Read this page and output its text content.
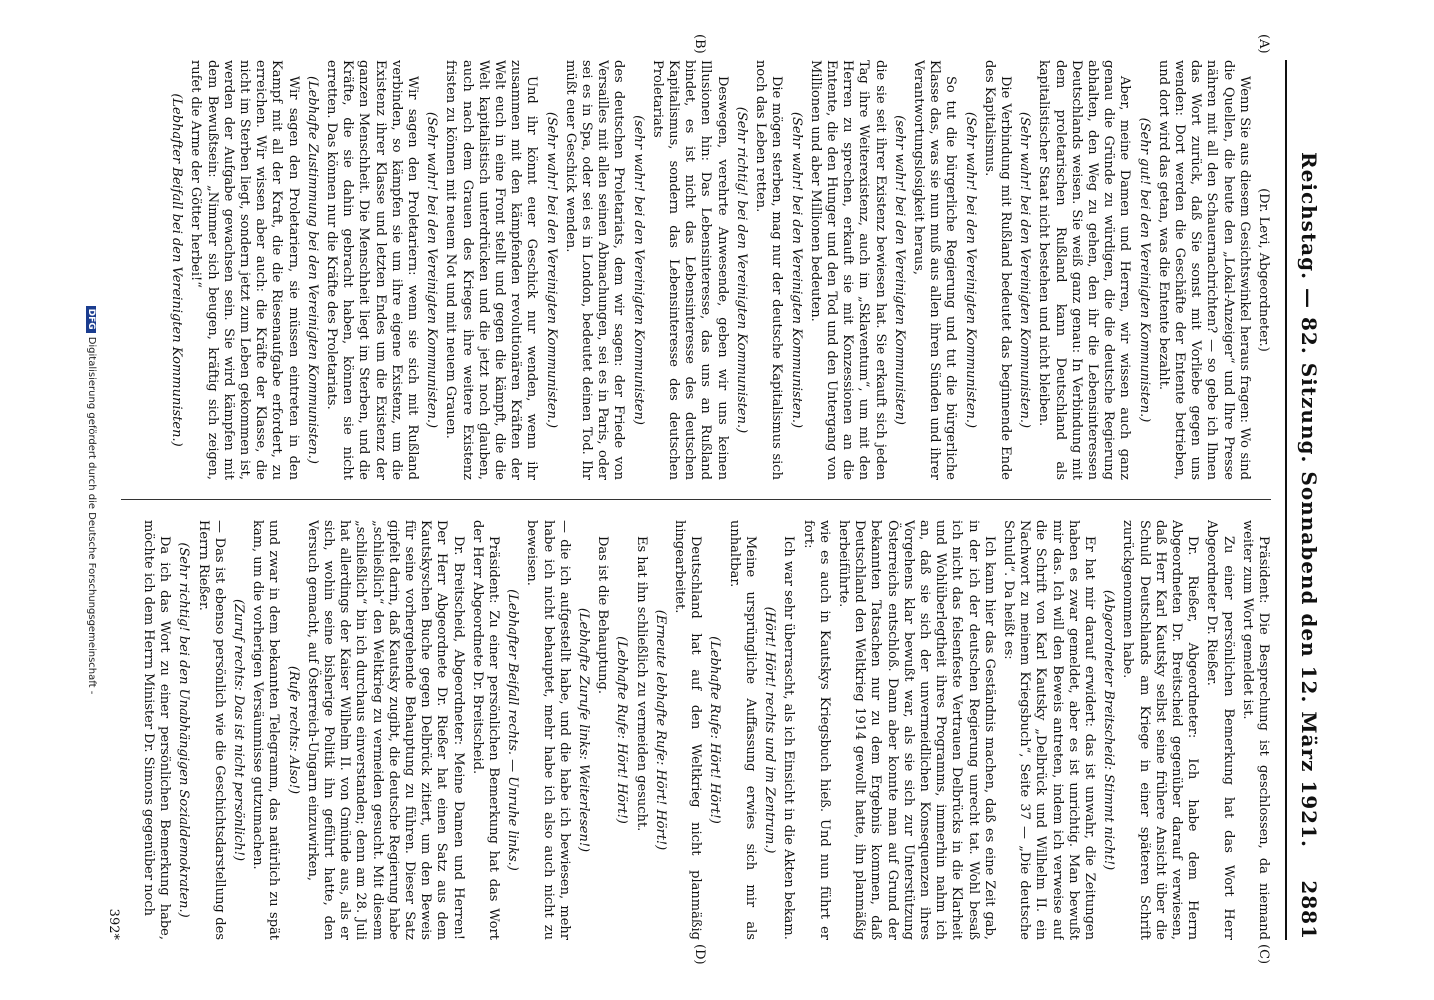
Reichstag. — 82. Sitzung. Sonnabend den 12. März 1921.
2881

(Dr. Levi, Abgeordneter.)

Wenn Sie aus diesem Gesichtswinkel heraus fragen: Wo sind die Quellen, die heute den „Lokal-Anzeiger“ und Ihre Presse nähren mit all den Schauernachrichten? — so gebe ich Ihnen das Wort zurück, daß Sie sonst mit Vorliebe gegen uns wenden: Dort werden die Geschäfte der Entente betrieben, und dort wird das getan, was die Entente bezahlt.

(Sehr gut! bei den Vereinigten Kommunisten.)

Aber, meine Damen und Herren, wir wissen auch ganz genau die Gründe zu würdigen, die die deutsche Regierung abhalten, den Weg zu gehen, den ihr die Lebensinteressen Deutschlands weisen. Sie weiß ganz genau: In Verbindung mit dem proletarischen Rußland kann Deutschland als kapitalistischer Staat nicht bestehen und nicht bleiben.

(Sehr wahr! bei den Vereinigten Kommunisten.)

Die Verbindung mit Rußland bedeutet das beginnende Ende des Kapitalismus.

(Sehr wahr! bei den Vereinigten Kommunisten.)

So tut die bürgerliche Regierung und tut die bürgerliche Klasse das, was sie nun muß aus allen ihren Sünden und ihrer Verantwortungslosigkeit heraus,

(sehr wahr! bei den Vereinigten Kommunisten)

die sie seit ihrer Existenz bewiesen hat. Sie erkauft sich jeden Tag ihre Weiterexistenz, auch im „Sklaventum“, um mit den Herren zu sprechen, erkauft sie mit Konzessionen an die Entente, die den Hunger und den Tod und den Untergang von Millionen und aber Millionen bedeuten.

(Sehr wahr! bei den Vereinigten Kommunisten.)

Die mögen sterben, mag nur der deutsche Kapitalismus sich noch das Leben retten.

(Sehr richtig! bei den Vereinigten Kommunisten.)

Deswegen, verehrte Anwesende, geben wir uns keinen Illusionen hin: Das Lebensinteresse, das uns an Rußland bindet, es ist nicht das Lebensinteresse des deutschen Kapitalismus, sondern das Lebensinteresse des deutschen Proletariats

(sehr wahr! bei den Vereinigten Kommunisten)

des deutschen Proletariats, dem wir sagen: der Friede von Versailles mit allen seinen Abmachungen, sei es in Paris, oder sei es in Spa, oder sei es in London, bedeutet deinen Tod. Ihr müßt euer Geschick wenden.

(Sehr wahr! bei den Vereinigten Kommunisten.)

Und ihr könnt euer Geschick nur wenden, wenn ihr zusammen mit den kämpfenden revolutionären Kräften der Welt euch in eine Front stellt und gegen die kämpft, die die Welt kapitalistisch unterdrücken und die jetzt noch glauben, auch nach dem Grauen des Krieges ihre weitere Existenz fristen zu können mit neuem Not und mit neuem Grauen.

(Sehr wahr! bei den Vereinigten Kommunisten.)

Wir sagen den Proletariern: wenn sie sich mit Rußland verbinden, so kämpfen sie um ihre eigene Existenz, um die Existenz ihrer Klasse und letzten Endes um die Existenz der ganzen Menschheit. Die Menschheit liegt im Sterben, und die Kräfte, die sie dahin gebracht haben, können sie nicht erretten. Das können nur die Kräfte des Proletariats.

(Lebhafte Zustimmung bei den Vereinigten Kommunisten.)

Wir sagen den Proletariern, sie müssen eintreten in den Kampf mit all der Kraft, die die Riesenaufgabe erfordert, zu erreichen. Wir wissen aber auch: die Kräfte der Klasse, die nicht im Sterben liegt, sondern jetzt zum Leben gekommen ist, werden der Aufgabe gewachsen sein. Sie wird kämpfen mit dem Bewußtsein: „Nimmer sich beugen, kräftig sich zeigen, rufet die Arme der Götter herbei!“

(Lebhafter Beifall bei den Vereinigten Kommunisten.)

Präsident: Die Besprechung ist geschlossen, da niemand weiter zum Wort gemeldet ist.

Zu einer persönlichen Bemerkung hat das Wort Herr Abgeordneter Dr. Rießer.

Dr. Rießer, Abgeordneter: Ich habe dem Herrn Abgeordneten Dr. Breitscheid gegenüber darauf verwiesen, daß Herr Karl Kautsky selbst seine frühere Ansicht über die Schuld Deutschlands am Kriege in einer späteren Schrift zurückgenommen habe.

(Abgeordneter Breitscheid: Stimmt nicht!)

Er hat mir darauf erwidert: das ist unwahr, die Zeitungen haben es zwar gemeldet, aber es ist unrichtig. Man bewußt mir das. Ich will den Beweis antreten, indem ich verweise auf die Schrift von Karl Kautsky „Delbrück und Wilhelm II. ein Nachwort zu meinem Kriegsbuch“, Seite 37 — „Die deutsche Schuld“. Da heißt es:

Ich kann hier das Geständnis machen, daß es eine Zeit gab, in der ich der deutschen Regierung unrecht tat. Wohl besaß ich nicht das felsenfeste Vertrauen Delbrücks in die Klarheit und Wohlüberlegtheit ihres Programms, immerhin nahm ich an, daß sie sich der unvermeidlichen Konsequenzen ihres Vorgehens klar bewußt war, als sie sich zur Unterstützung Österreichs entschloß. Dann aber konnte man auf Grund der bekannten Tatsachen nur zu dem Ergebnis kommen, daß Deutschland den Weltkrieg 1914 gewollt hatte, ihn planmäßig herbeiführte.

wie es auch in Kautskys Kriegsbuch hieß. Und nun führt er fort:

Ich war sehr überrascht, als ich Einsicht in die Akten bekam.

(Hört! Hört! rechts und im Zentrum.)

Meine ursprüngliche Auffassung erwies sich mir als unhaltbar.

(Lebhafte Rufe: Hört! Hört!)

Deutschland hat auf den Weltkrieg nicht planmäßig hingearbeitet.

(Erneute lebhafte Rufe: Hört! Hört!)

Es hat ihn schließlich zu vermeiden gesucht.

(Lebhafte Rufe: Hört! Hört!)

Das ist die Behauptung.

(Lebhafte Zurufe links: Weiterlesen!)

— die ich aufgestellt habe, und die habe ich bewiesen, mehr habe ich nicht behauptet, mehr habe ich also auch nicht zu beweisen.

(Lebhafter Beifall rechts. — Unruhe links.)

Präsident: Zu einer persönlichen Bemerkung hat das Wort der Herr Abgeordnete Dr. Breitscheid.

Dr. Breitscheid, Abgeordneter: Meine Damen und Herren! Der Herr Abgeordnete Dr. Rießer hat einen Satz aus dem Kautskyschen Buche gegen Delbrück zitiert, um den Beweis für seine vorhergehende Behauptung zu führen. Dieser Satz gipfelt darin, daß Kautsky zugibt, die deutsche Regierung habe „schließlich“ den Weltkrieg zu vermeiden gesucht. Mit diesem „schließlich“ bin ich durchaus einverstanden; denn am 28. Juli hat allerdings der Kaiser Wilhelm II. von Gmünde aus, als er sich, wohin seine bisherige Politik ihn geführt hatte, den Versuch gemacht, auf Österreich-Ungarn einzuwirken,

(Rufe rechts: Also!)

und zwar in dem bekannten Telegramm, das natürlich zu spät kam, um die vorherigen Versäumnisse gutzumachen.

(Zuruf rechts: Das ist nicht persönlich!)

— Das ist ebenso persönlich wie die Geschichtsdarstellung des Herrn Rießer.

(Sehr richtig! bei den Unabhängigen Sozialdemokraten.)

Da ich das Wort zu einer persönlichen Bemerkung habe, möchte ich dem Herrn Minister Dr. Simons gegenüber noch

(A)
(B)
(C)
(D)
392*
DFGDigitalisierung gefördert durch die Deutsche Forschungsgemeinschaft -
